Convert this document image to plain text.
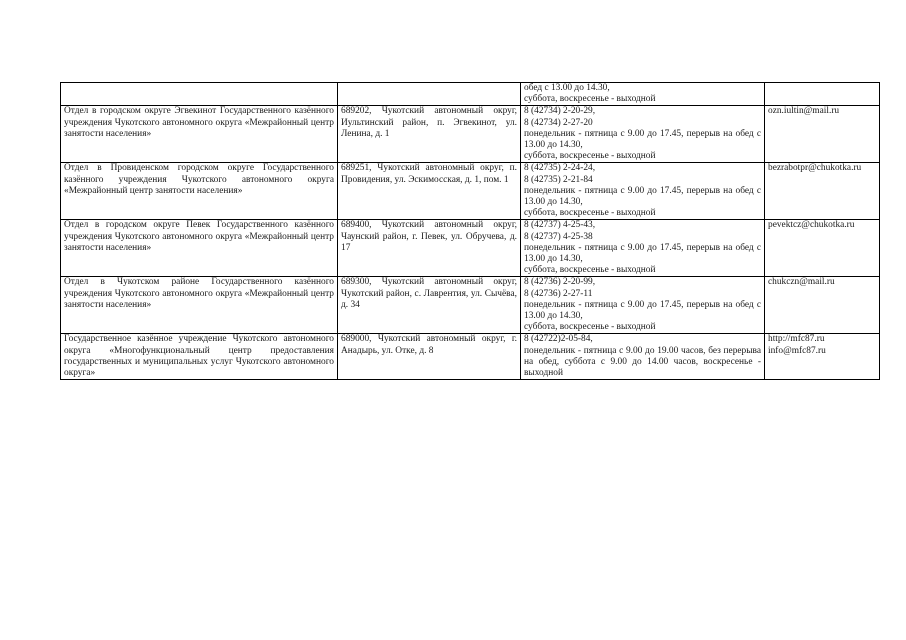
		обед с 13.00 до 14.30,
суббота, воскресенье - выходной	

Отдел в городском округе Эгвекинот Государственного казённого учреждения Чукотского автономного округа «Межрайонный центр занятости населения»	689202, Чукотский автономный округ, Иультинский район, п. Эгвекинот, ул. Ленина, д. 1	8 (42734) 2-20-29,
8 (42734) 2-27-20
понедельник - пятница с 9.00 до 17.45, перерыв на обед с 13.00 до 14.30,
суббота, воскресенье - выходной	ozn.iultin@mail.ru

Отдел в Провиденском городском округе Государственного казённого учреждения Чукотского автономного округа «Межрайонный центр занятости населения»	689251, Чукотский автономный округ, п. Провидения, ул. Эскимосская, д. 1, пом. 1	8 (42735) 2-24-24,
8 (42735) 2-21-84
понедельник - пятница с 9.00 до 17.45, перерыв на обед с 13.00 до 14.30,
суббота, воскресенье - выходной	bezrabotpr@chukotka.ru

Отдел в городском округе Певек Государственного казённого учреждения Чукотского автономного округа «Межрайонный центр занятости населения»	689400, Чукотский автономный округ, Чаунский район, г. Певек, ул. Обручева, д. 17	8 (42737) 4-25-43,
8 (42737) 4-25-38
понедельник - пятница с 9.00 до 17.45, перерыв на обед с 13.00 до 14.30,
суббота, воскресенье - выходной	pevektcz@chukotka.ru

Отдел в Чукотском районе Государственного казённого учреждения Чукотского автономного округа «Межрайонный центр занятости населения»	689300, Чукотский автономный округ, Чукотский район, с. Лаврентия, ул. Сычёва, д. 34	8 (42736) 2-20-99,
8 (42736) 2-27-11
понедельник - пятница с 9.00 до 17.45, перерыв на обед с 13.00 до 14.30,
суббота, воскресенье - выходной	chukczn@mail.ru

Государственное казённое учреждение Чукотского автономного округа «Многофункциональный центр предоставления государственных и муниципальных услуг Чукотского автономного округа»	689000, Чукотский автономный округ, г. Анадырь, ул. Отке, д. 8	8 (42722)2-05-84,
понедельник - пятница с 9.00 до 19.00 часов, без перерыва на обед, суббота с 9.00 до 14.00 часов, воскресенье - выходной	http://mfc87.ru
info@mfc87.ru
